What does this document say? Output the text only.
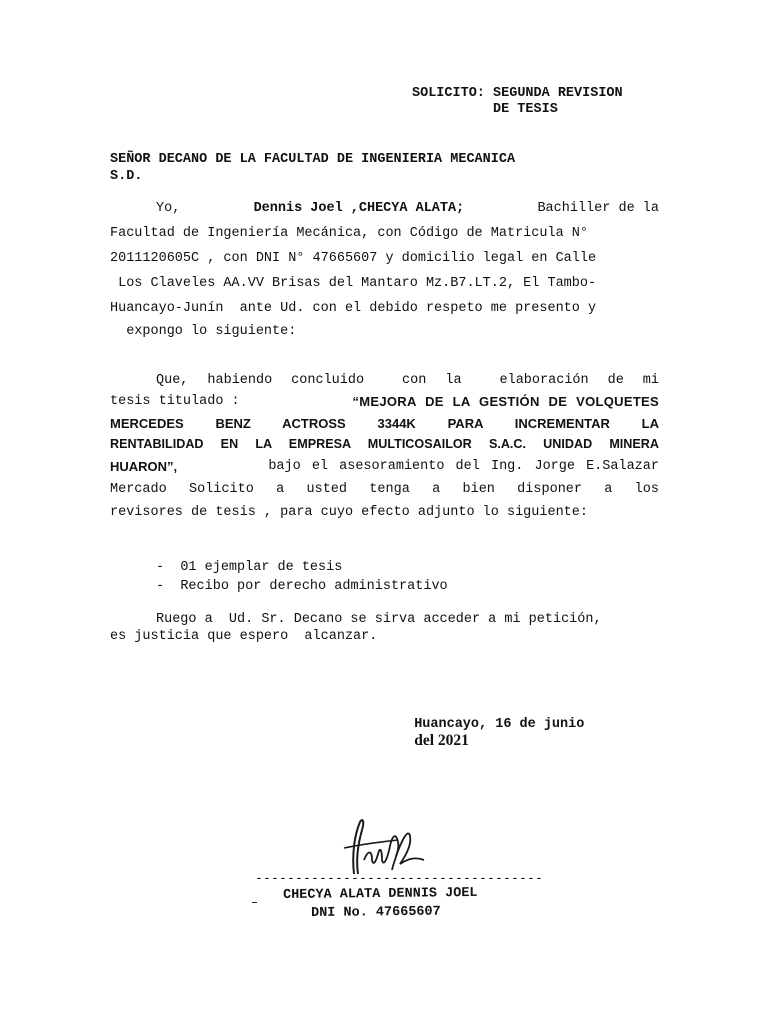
SOLICITO: SEGUNDA REVISION
DE TESIS
SEÑOR DECANO DE LA FACULTAD DE INGENIERIA MECANICA
S.D.
Yo,	Dennis Joel ,CHECYA ALATA;	Bachiller de la
Facultad de Ingeniería Mecánica, con Código de Matricula N°
2011120605C , con DNI N° 47665607 y domicilio legal en Calle
Los Claveles AA.VV Brisas del Mantaro Mz.B7.LT.2, El Tambo-
Huancayo-Junín  ante Ud. con el debido respeto me presento y
expongo lo siguiente:
Que, habiendo concluido  con la  elaboración de mi
tesis titulado :	“MEJORA DE LA GESTIÓN DE VOLQUETES
MERCEDES BENZ ACTROSS 3344K PARA INCREMENTAR LA
RENTABILIDAD EN LA EMPRESA MULTICOSAILOR S.A.C. UNIDAD MINERA
HUARON”,	bajo el asesoramiento del Ing. Jorge E.Salazar
Mercado Solicito a usted tenga a bien disponer a los
revisores de tesis , para cuyo efecto adjunto lo siguiente:
-  01 ejemplar de tesis
-  Recibo por derecho administrativo
Ruego a  Ud. Sr. Decano se sirva acceder a mi petición,
es justicia que espero  alcanzar.

Huancayo, 16 de junio
del 2021

------------------------------------
CHECYA ALATA DENNIS JOEL
DNI No. 47665607
